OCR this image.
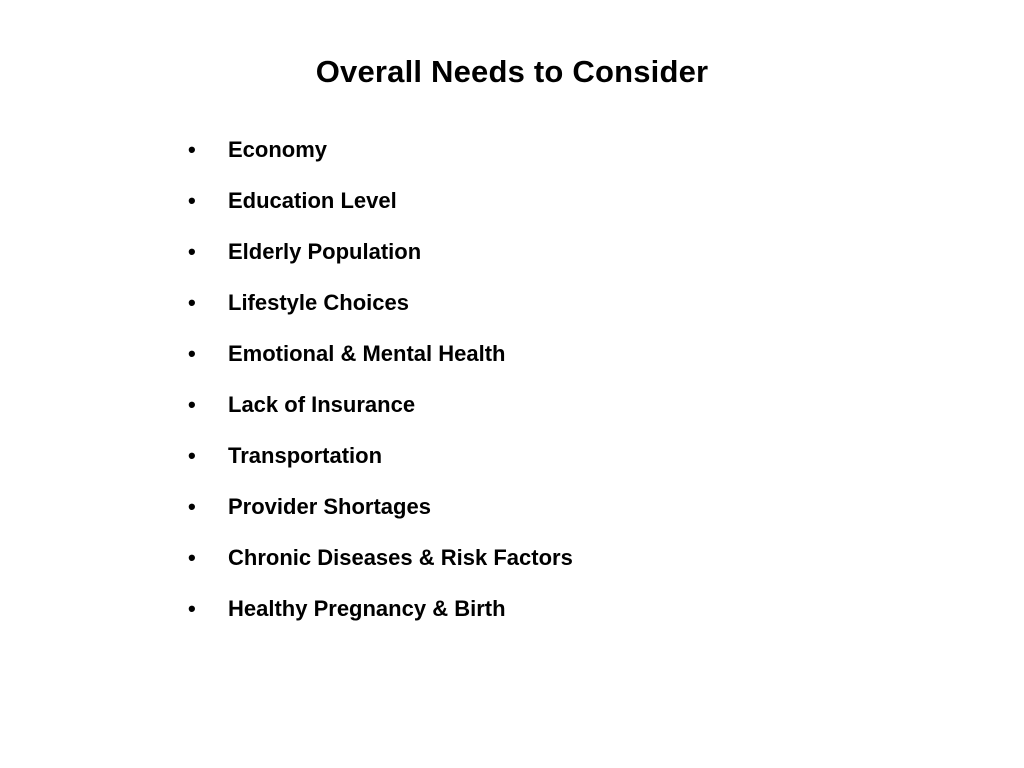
Overall Needs to Consider
•	Economy
•	Education Level
•	Elderly Population
•	Lifestyle Choices
•	Emotional & Mental Health
•	Lack of Insurance
•	Transportation
•	Provider Shortages
•	Chronic Diseases & Risk Factors
•	Healthy Pregnancy & Birth
